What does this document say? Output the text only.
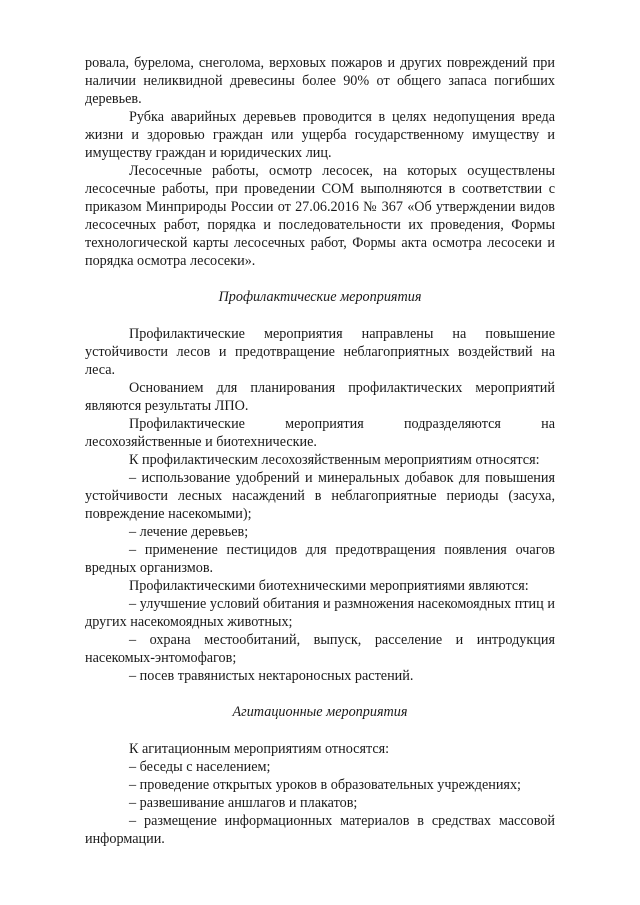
ровала, бурелома, снеголома, верховых пожаров и других повреждений при наличии неликвидной древесины более 90% от общего запаса погибших деревьев.

Рубка аварийных деревьев проводится в целях недопущения вреда жизни и здоровью граждан или ущерба государственному имуществу и имуществу граждан и юридических лиц.

Лесосечные работы, осмотр лесосек, на которых осуществлены лесосечные работы, при проведении СОМ выполняются в соответствии с приказом Минприроды России от 27.06.2016 № 367 «Об утверждении видов лесосечных работ, порядка и последовательности их проведения, Формы технологической карты лесосечных работ, Формы акта осмотра лесосеки и порядка осмотра лесосеки».

Профилактические мероприятия

Профилактические мероприятия направлены на повышение устойчивости лесов и предотвращение неблагоприятных воздействий на леса.

Основанием для планирования профилактических мероприятий являются результаты ЛПО.

Профилактические мероприятия подразделяются на лесохозяйственные и биотехнические.

К профилактическим лесохозяйственным мероприятиям относятся:

– использование удобрений и минеральных добавок для повышения устойчивости лесных насаждений в неблагоприятные периоды (засуха, повреждение насекомыми);

– лечение деревьев;

– применение пестицидов для предотвращения появления очагов вредных организмов.

Профилактическими биотехническими мероприятиями являются:

– улучшение условий обитания и размножения насекомоядных птиц и других насекомоядных животных;

– охрана местообитаний, выпуск, расселение и интродукция насекомых-энтомофагов;

– посев травянистых нектароносных растений.

Агитационные мероприятия

К агитационным мероприятиям относятся:

– беседы с населением;

– проведение открытых уроков в образовательных учреждениях;

– развешивание аншлагов и плакатов;

– размещение информационных материалов в средствах массовой информации.
